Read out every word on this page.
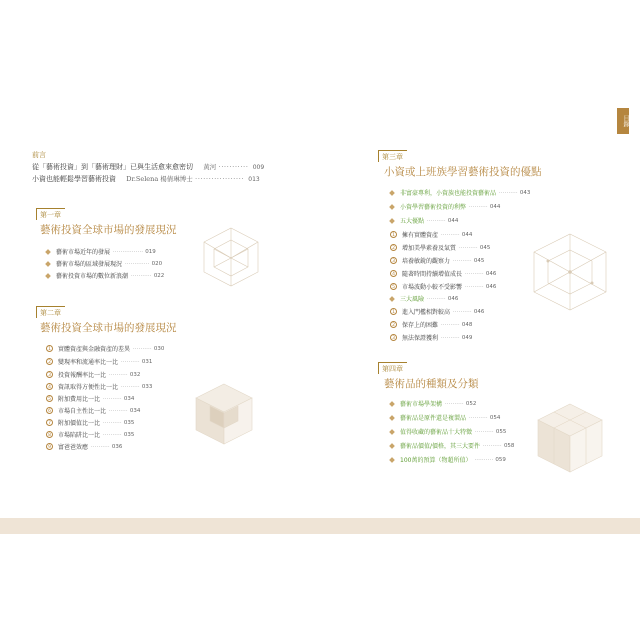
目錄
前言
從「藝術投資」到「藝術理財」已與生活愈來愈密切 黃河 ··········· 009
小資也能輕鬆學習藝術投資 Dr.Selena 楊倩琳博士 ·················· 013
第一章
藝術投資全球市場的發展現況
藝術市場近年的發展 ················ 019
藝術市場的區域發展現況 ············· 020
藝術投資市場的數位新浪潮 ··········· 022
第二章
藝術投資全球市場的發展現況
1	實體資產與金融資產的差異 ·········· 030
2	變現率和流通率比一比 ·········· 031
3	投資報酬率比一比 ·········· 032
4	資訊取得方便性比一比 ·········· 033
5	附加費用比一比 ·········· 034
6	市場自主性比一比 ·········· 034
7	附加價值比一比 ·········· 035
8	市場陷阱比一比 ·········· 035
9	富爸爸效應 ·········· 036
第三章
小資或上班族學習藝術投資的優點
非富豪專利，小資族也能投資藝術品 ·········· 043
小資學習藝術投資的利弊 ·········· 044
五大優點 ·········· 044
1	擁有實體資產 ·········· 044
2	增加美學素養及氣質 ·········· 045
3	培養敏銳的觀察力 ·········· 045
4	隨著時間持續增值成長 ·········· 046
5	市場波動小較不受影響 ·········· 046
三大風險 ·········· 046
1	進入門檻相對較高 ·········· 046
2	保存上的困難 ·········· 048
3	無法保證獲利 ·········· 049
第四章
藝術品的種類及分類
藝術市場學架構 ·········· 052
藝術品是原件還是複製品 ·········· 054
值得收藏的藝術品十大特徵 ·········· 055
藝術品價值/價格，其三大要件 ·········· 058
100萬的預算（物超所值） ·········· 059
